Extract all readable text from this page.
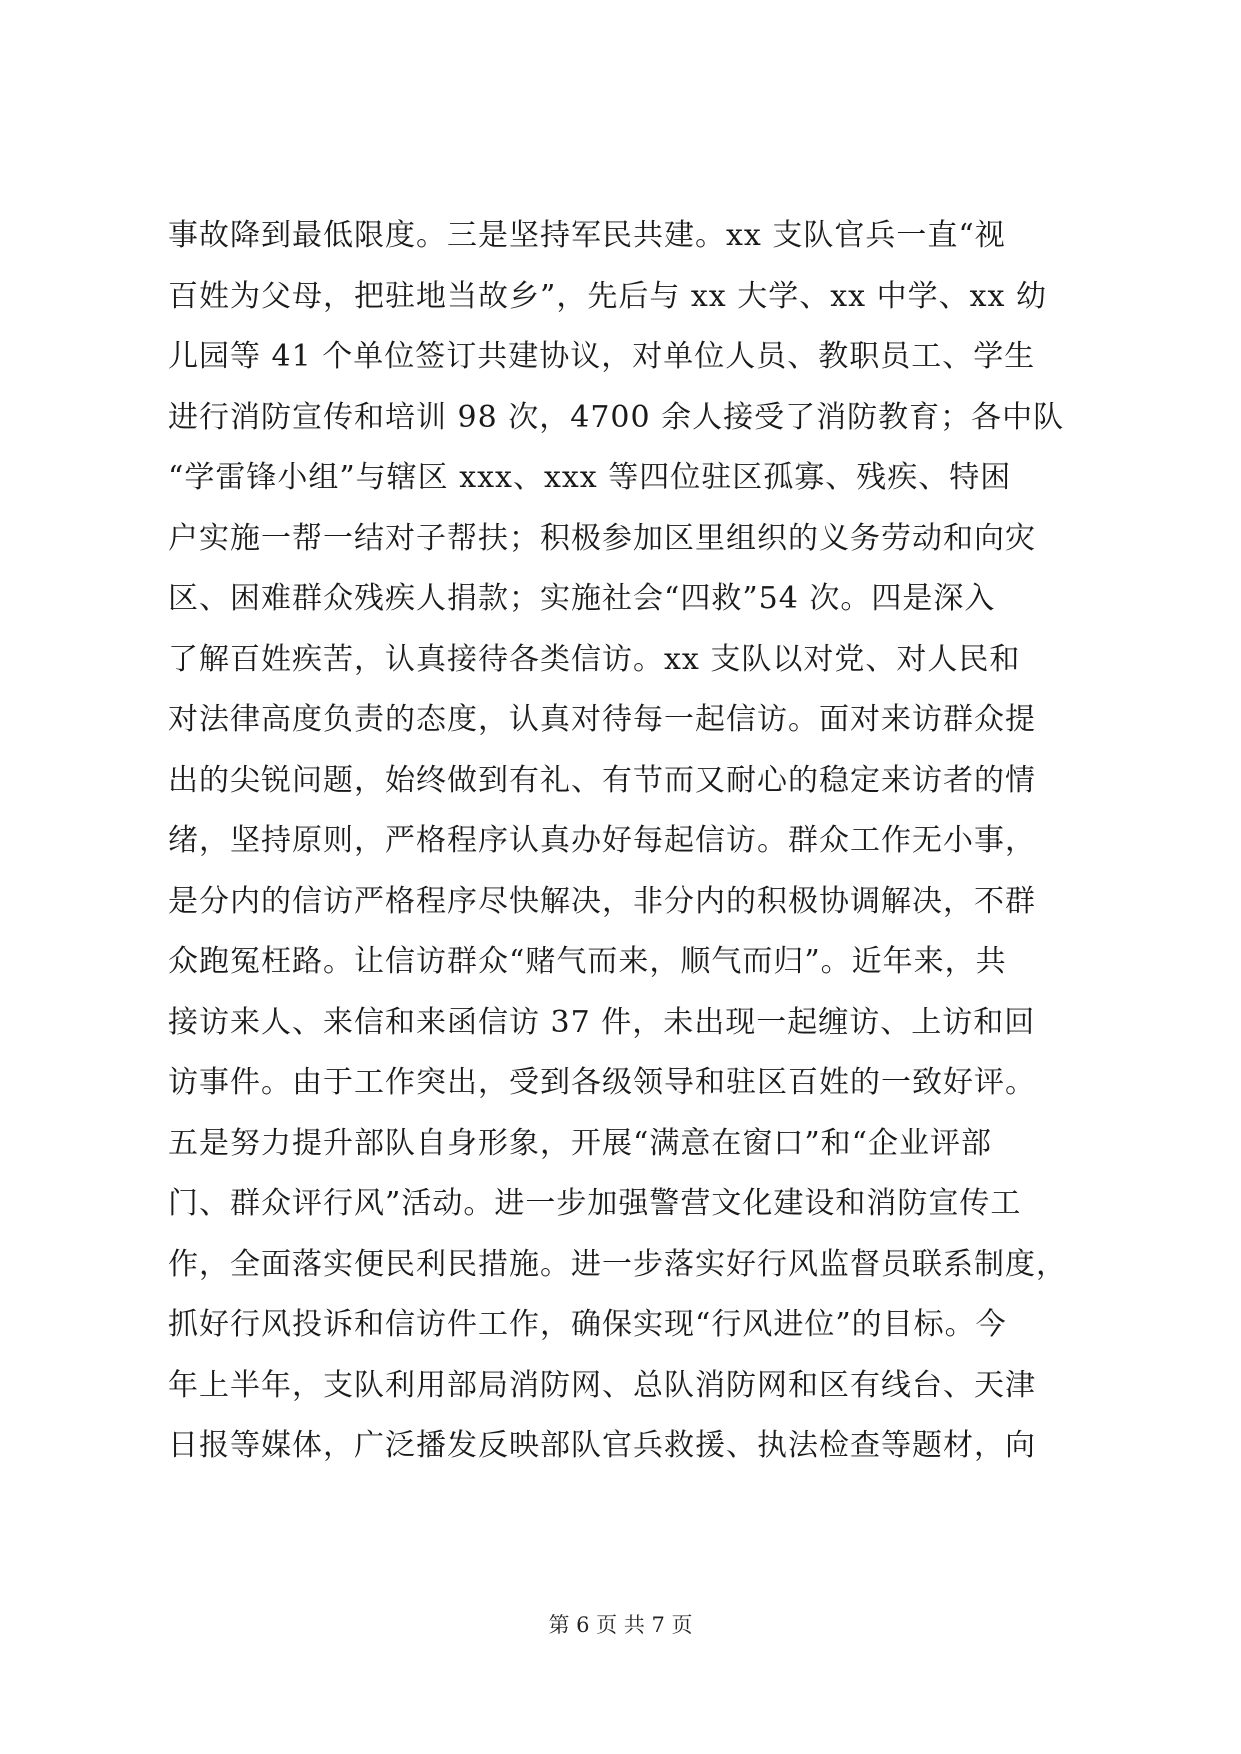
事故降到最低限度。三是坚持军民共建。xx 支队官兵一直“视
百姓为父母，把驻地当故乡”，先后与 xx 大学、xx 中学、xx 幼
儿园等 41 个单位签订共建协议，对单位人员、教职员工、学生
进行消防宣传和培训 98 次，4700 余人接受了消防教育；各中队
“学雷锋小组”与辖区 xxx、xxx 等四位驻区孤寡、残疾、特困
户实施一帮一结对子帮扶；积极参加区里组织的义务劳动和向灾
区、困难群众残疾人捐款；实施社会“四救”54 次。四是深入
了解百姓疾苦，认真接待各类信访。xx 支队以对党、对人民和
对法律高度负责的态度，认真对待每一起信访。面对来访群众提
出的尖锐问题，始终做到有礼、有节而又耐心的稳定来访者的情
绪，坚持原则，严格程序认真办好每起信访。群众工作无小事，
是分内的信访严格程序尽快解决，非分内的积极协调解决，不群
众跑冤枉路。让信访群众“赌气而来，顺气而归”。近年来，共
接访来人、来信和来函信访 37 件，未出现一起缠访、上访和回
访事件。由于工作突出，受到各级领导和驻区百姓的一致好评。
五是努力提升部队自身形象，开展“满意在窗口”和“企业评部
门、群众评行风”活动。进一步加强警营文化建设和消防宣传工
作，全面落实便民利民措施。进一步落实好行风监督员联系制度，
抓好行风投诉和信访件工作，确保实现“行风进位”的目标。今
年上半年，支队利用部局消防网、总队消防网和区有线台、天津
日报等媒体，广泛播发反映部队官兵救援、执法检查等题材，向
第 6 页 共 7 页
